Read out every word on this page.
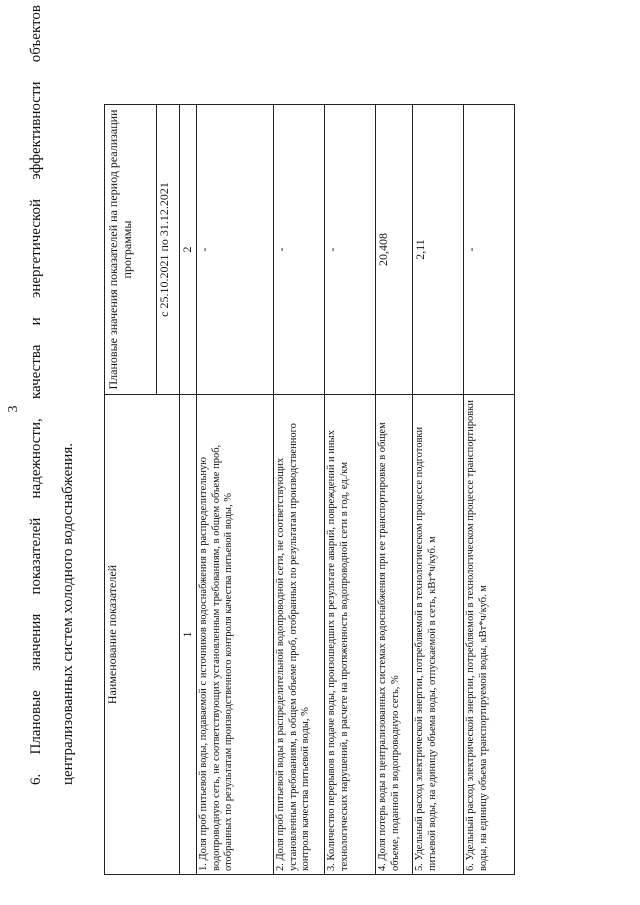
3
6.
Плановые
значения
показателей
надежности,
качества
и
энергетической
эффективности
объектов
централизованных систем холодного водоснабжения.	Наименование показателей	Плановые значения показателей на период реализации программы
	с 25.10.2021 по 31.12.2021
1	2
1. Доля проб питьевой воды, подаваемой с источников водоснабжения в распределительную водопроводную сеть, не соответствующих установленным требованиям, в общем объеме проб, отобранных по результатам производственного контроля качества питьевой воды, %	-
2. Доля проб питьевой воды в распределительной водопроводной сети, не соответствующих установленным требованиям, в общем объеме проб, отобранных по результатам производственного контроля качества питьевой воды, %	-
3. Количество перерывов в подаче воды, произошедших в результате аварий, повреждений и иных технологических нарушений, в расчете на протяженность водопроводной сети в год, ед./км	-
4. Доля потерь воды в централизованных системах водоснабжения при ее транспортировке в общем объеме, поданной в водопроводную сеть, %	20,408
5. Удельный расход электрической энергии, потребляемой в технологическом процессе подготовки питьевой воды, на единицу объема воды, отпускаемой в сеть, кВт*ч/куб. м	2,11
6. Удельный расход электрической энергии, потребляемой в технологическом процессе транспортировки воды, на единицу объема транспортируемой воды, кВт*ч/куб. м	-
